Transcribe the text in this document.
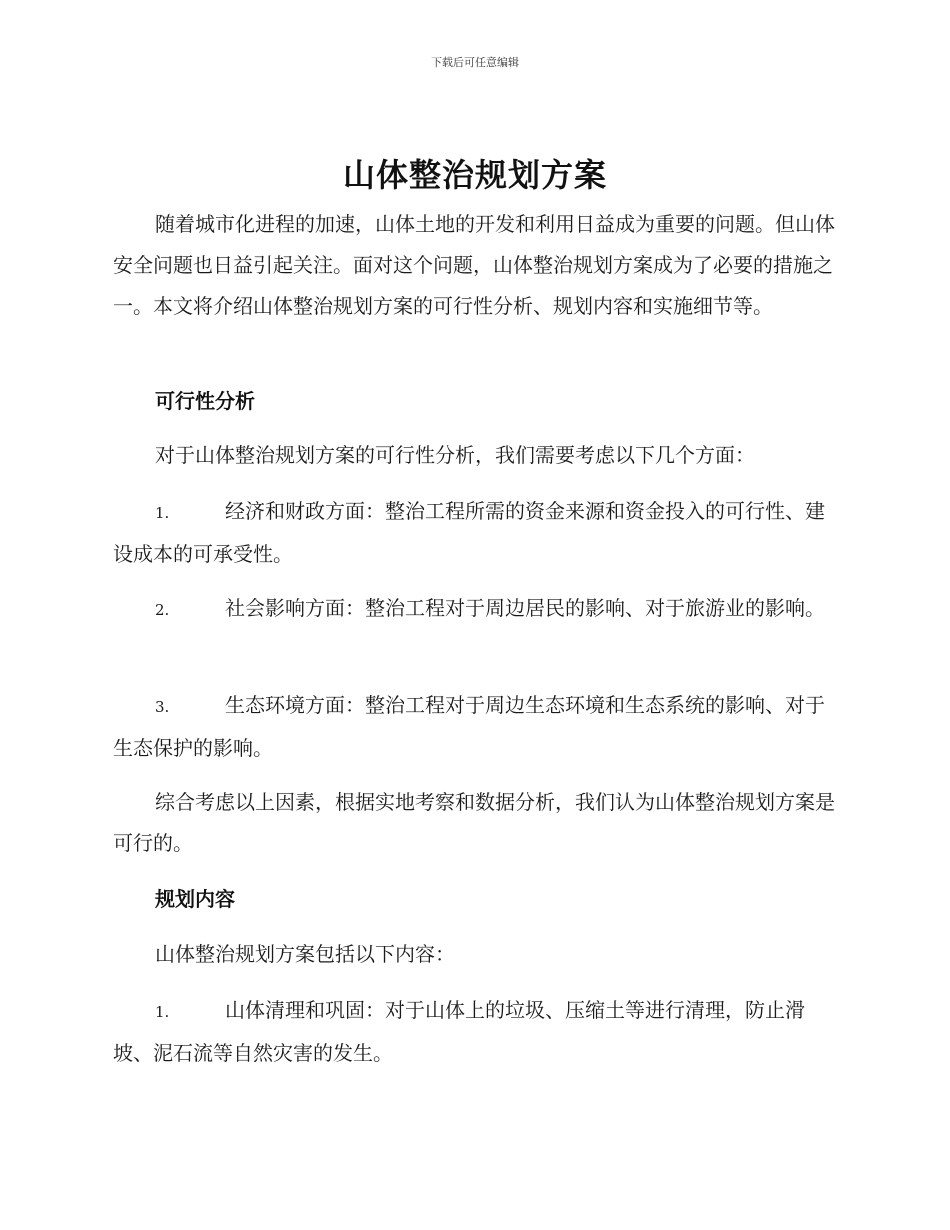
下载后可任意编辑
山体整治规划方案

随着城市化进程的加速，山体土地的开发和利用日益成为重要的问题。但山体安全问题也日益引起关注。面对这个问题，山体整治规划方案成为了必要的措施之一。本文将介绍山体整治规划方案的可行性分析、规划内容和实施细节等。

可行性分析

对于山体整治规划方案的可行性分析，我们需要考虑以下几个方面：

1.	经济和财政方面：整治工程所需的资金来源和资金投入的可行性、建设成本的可承受性。

2.	社会影响方面：整治工程对于周边居民的影响、对于旅游业的影响。

3.	生态环境方面：整治工程对于周边生态环境和生态系统的影响、对于生态保护的影响。

综合考虑以上因素，根据实地考察和数据分析，我们认为山体整治规划方案是可行的。

规划内容

山体整治规划方案包括以下内容：

1.	山体清理和巩固：对于山体上的垃圾、压缩土等进行清理，防止滑坡、泥石流等自然灾害的发生。
